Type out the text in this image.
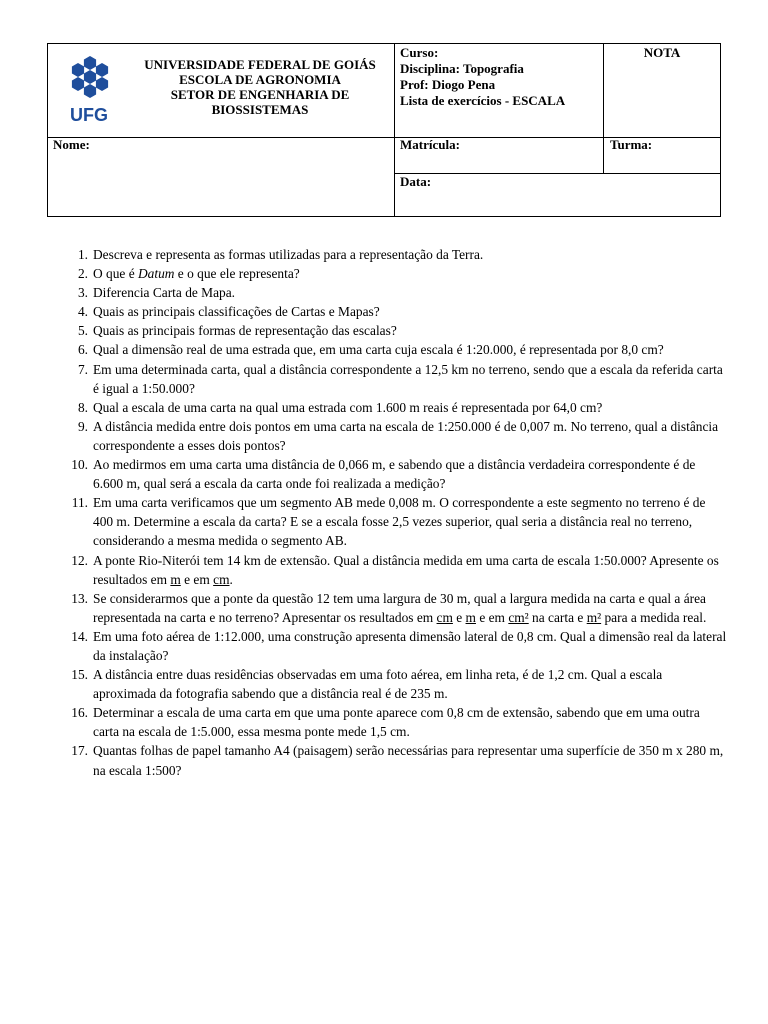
UFG
UNIVERSIDADE FEDERAL DE GOIÁS
ESCOLA DE AGRONOMIA
SETOR DE ENGENHARIA DE
BIOSSISTEMAS
Curso:
Disciplina: Topografia
Prof: Diogo Pena
Lista de exercícios - ESCALA
NOTA
Nome:	Matrícula:	Turma:
Data:
1. Descreva e representa as formas utilizadas para a representação da Terra.
2. O que é Datum e o que ele representa?
3. Diferencia Carta de Mapa.
4. Quais as principais classificações de Cartas e Mapas?
5. Quais as principais formas de representação das escalas?
6. Qual a dimensão real de uma estrada que, em uma carta cuja escala é 1:20.000, é representada por 8,0 cm?
7. Em uma determinada carta, qual a distância correspondente a 12,5 km no terreno, sendo que a escala da referida carta é igual a 1:50.000?
8. Qual a escala de uma carta na qual uma estrada com 1.600 m reais é representada por 64,0 cm?
9. A distância medida entre dois pontos em uma carta na escala de 1:250.000 é de 0,007 m. No terreno, qual a distância correspondente a esses dois pontos?
10. Ao medirmos em uma carta uma distância de 0,066 m, e sabendo que a distância verdadeira correspondente é de 6.600 m, qual será a escala da carta onde foi realizada a medição?
11. Em uma carta verificamos que um segmento AB mede 0,008 m. O correspondente a este segmento no terreno é de 400 m. Determine a escala da carta? E se a escala fosse 2,5 vezes superior, qual seria a distância real no terreno, considerando a mesma medida o segmento AB.
12. A ponte Rio-Niterói tem 14 km de extensão. Qual a distância medida em uma carta de escala 1:50.000? Apresente os resultados em m e em cm.
13. Se considerarmos que a ponte da questão 12 tem uma largura de 30 m, qual a largura medida na carta e qual a área representada na carta e no terreno? Apresentar os resultados em cm e m e em cm² na carta e m² para a medida real.
14. Em uma foto aérea de 1:12.000, uma construção apresenta dimensão lateral de 0,8 cm. Qual a dimensão real da lateral da instalação?
15. A distância entre duas residências observadas em uma foto aérea, em linha reta, é de 1,2 cm. Qual a escala aproximada da fotografia sabendo que a distância real é de 235 m.
16. Determinar a escala de uma carta em que uma ponte aparece com 0,8 cm de extensão, sabendo que em uma outra carta na escala de 1:5.000, essa mesma ponte mede 1,5 cm.
17. Quantas folhas de papel tamanho A4 (paisagem) serão necessárias para representar uma superfície de 350 m x 280 m, na escala 1:500?
